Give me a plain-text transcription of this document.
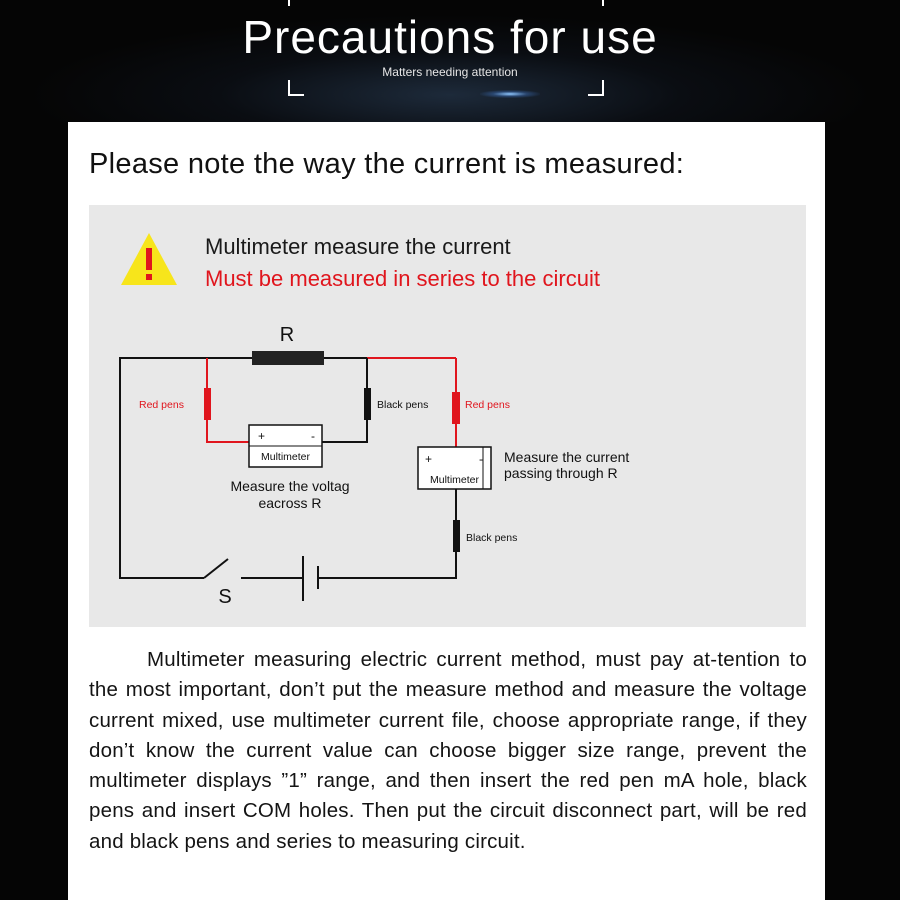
Precautions for use
Matters needing attention
Please note the way the current is measured:
Multimeter measure the current
Must be measured in series to the circuit
R
Red pens	Black pens
+	-
Multimeter
Measure the voltag
eacross R
Red pens
Black pens
+	-
Multimeter
Measure the current
passing through R
S

Multimeter measuring electric current method, must pay at-tention to the most important, don’t put the measure method and measure the voltage current mixed, use multimeter current file, choose appropriate range, if they don’t know the current value can choose bigger size range, prevent the multimeter displays ”1” range, and then insert the red pen mA hole, black pens and insert COM holes. Then put the circuit disconnect part, will be red and black pens and series to measuring circuit.
